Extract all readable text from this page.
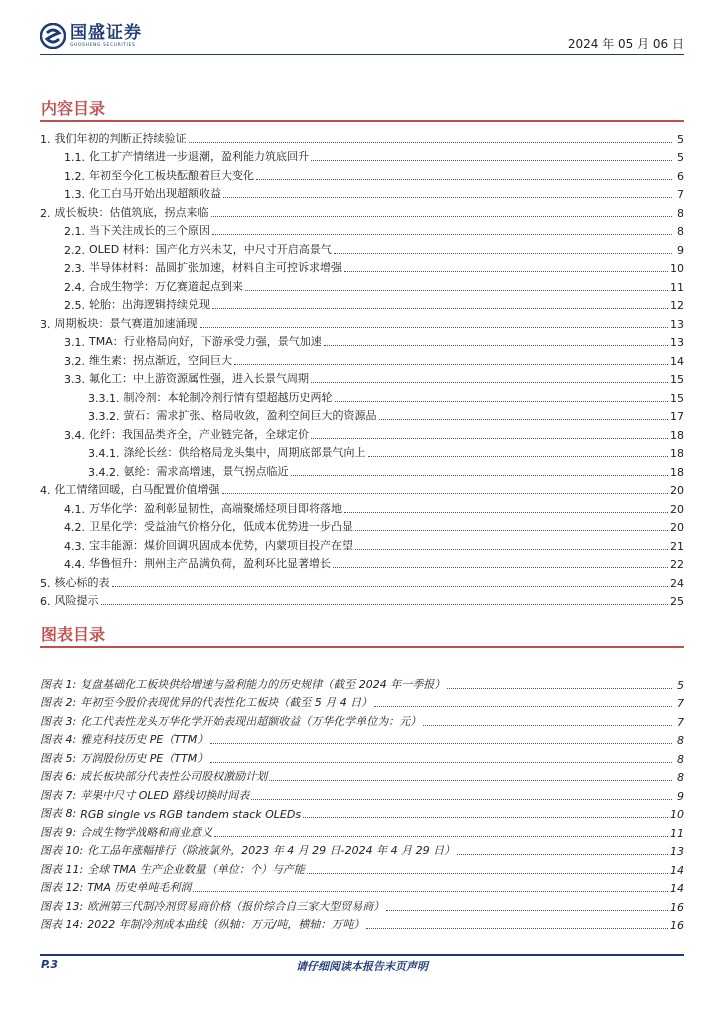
国盛证券
GUOSHENG SECURITIES	2024 年 05 月 06 日
内容目录
1. 我们年初的判断正持续验证	5
1.1. 化工扩产情绪进一步退潮，盈利能力筑底回升	5
1.2. 年初至今化工板块酝酿着巨大变化	6
1.3. 化工白马开始出现超额收益	7
2. 成长板块：估值筑底，拐点来临	8
2.1. 当下关注成长的三个原因	8
2.2. OLED 材料：国产化方兴未艾，中尺寸开启高景气	9
2.3. 半导体材料：晶圆扩张加速，材料自主可控诉求增强	10
2.4. 合成生物学：万亿赛道起点到来	11
2.5. 轮胎：出海逻辑持续兑现	12
3. 周期板块：景气赛道加速涌现	13
3.1. TMA：行业格局向好，下游承受力强，景气加速	13
3.2. 维生素：拐点渐近，空间巨大	14
3.3. 氟化工：中上游资源属性强，进入长景气周期	15
3.3.1. 制冷剂：本轮制冷剂行情有望超越历史两轮	15
3.3.2. 萤石：需求扩张、格局收敛，盈利空间巨大的资源品	17
3.4. 化纤：我国品类齐全，产业链完备，全球定价	18
3.4.1. 涤纶长丝：供给格局龙头集中，周期底部景气向上	18
3.4.2. 氨纶：需求高增速，景气拐点临近	18
4. 化工情绪回暖，白马配置价值增强	20
4.1. 万华化学：盈利彰显韧性，高端聚烯烃项目即将落地	20
4.2. 卫星化学：受益油气价格分化，低成本优势进一步凸显	20
4.3. 宝丰能源：煤价回调巩固成本优势，内蒙项目投产在望	21
4.4. 华鲁恒升：荆州主产品满负荷，盈利环比显著增长	22
5. 核心标的表	24
6. 风险提示	25
图表目录
图表 1: 复盘基础化工板块供给增速与盈利能力的历史规律（截至 2024 年一季报）	5
图表 2: 年初至今股价表现优异的代表性化工板块（截至 5 月 4 日）	7
图表 3: 化工代表性龙头万华化学开始表现出超额收益（万华化学单位为：元）	7
图表 4: 雅克科技历史 PE（TTM）	8
图表 5: 万润股份历史 PE（TTM）	8
图表 6: 成长板块部分代表性公司股权激励计划	8
图表 7: 苹果中尺寸 OLED 路线切换时间表	9
图表 8: RGB single vs RGB tandem stack OLEDs	10
图表 9: 合成生物学战略和商业意义	11
图表 10: 化工品年涨幅排行（除液氯外，2023 年 4 月 29 日-2024 年 4 月 29 日）	13
图表 11: 全球 TMA 生产企业数量（单位：个）与产能	14
图表 12: TMA 历史单吨毛利润	14
图表 13: 欧洲第三代制冷剂贸易商价格（报价综合自三家大型贸易商）	16
图表 14: 2022 年制冷剂成本曲线（纵轴：万元/吨，横轴：万吨）	16
P.3	请仔细阅读本报告末页声明
